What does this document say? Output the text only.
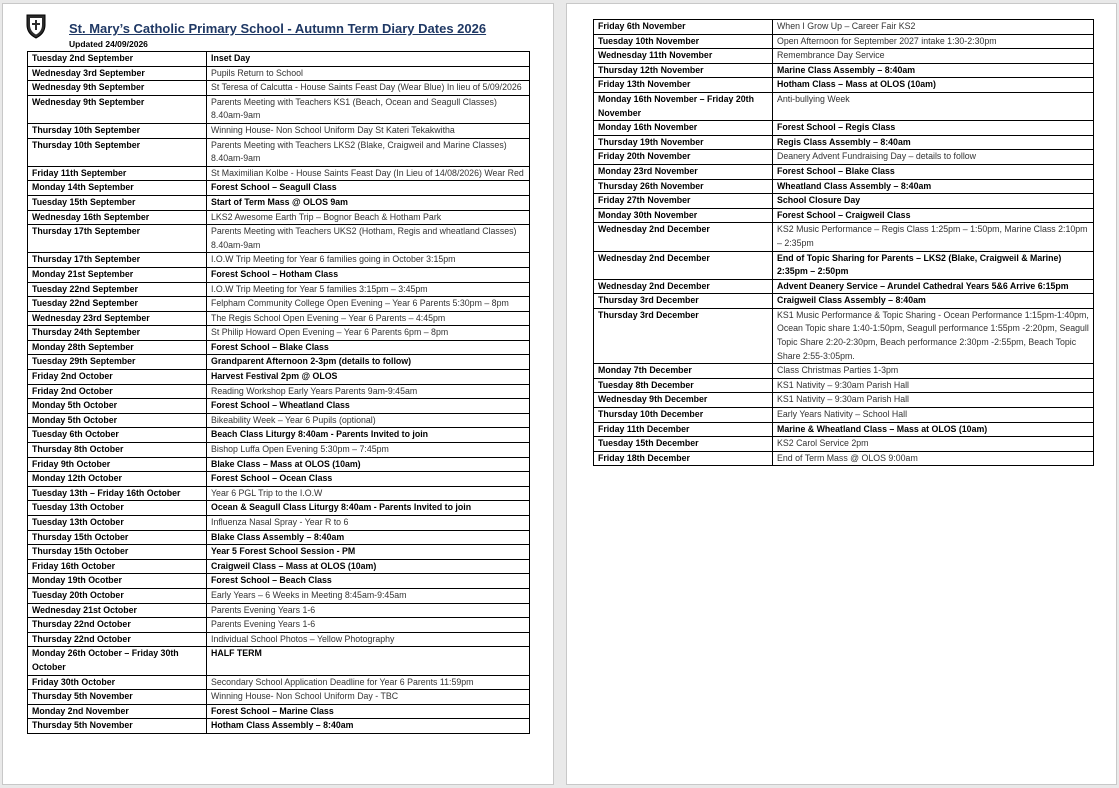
St. Mary’s Catholic Primary School - Autumn Term Diary Dates 2026
Updated 24/09/2026
Tuesday 2nd September	Inset Day
Wednesday 3rd September	Pupils Return to School
Wednesday 9th September	St Teresa of Calcutta - House Saints Feast Day (Wear Blue) In lieu of 5/09/2026
Wednesday 9th September	Parents Meeting with Teachers KS1 (Beach, Ocean and Seagull Classes) 8.40am-9am
Thursday 10th September	Winning House- Non School Uniform Day St Kateri Tekakwitha
Thursday 10th September	Parents Meeting with Teachers LKS2 (Blake, Craigweil and Marine Classes) 8.40am-9am
Friday 11th September	St Maximilian Kolbe - House Saints Feast Day (In Lieu of 14/08/2026) Wear Red
Monday 14th September	Forest School – Seagull Class
Tuesday 15th September	Start of Term Mass @ OLOS 9am
Wednesday 16th September	LKS2 Awesome Earth Trip – Bognor Beach & Hotham Park
Thursday 17th September	Parents Meeting with Teachers UKS2 (Hotham, Regis and wheatland Classes) 8.40am-9am
Thursday 17th September	I.O.W Trip Meeting for Year 6 families going in October 3:15pm
Monday 21st September	Forest School – Hotham Class
Tuesday 22nd September	I.O.W Trip Meeting for Year 5 families 3:15pm – 3:45pm
Tuesday 22nd September	Felpham Community College Open Evening – Year 6 Parents 5:30pm – 8pm
Wednesday 23rd September	The Regis School Open Evening – Year 6 Parents – 4:45pm
Thursday 24th September	St Philip Howard Open Evening – Year 6 Parents 6pm – 8pm
Monday 28th September	Forest School – Blake Class
Tuesday 29th September	Grandparent Afternoon 2-3pm (details to follow)
Friday 2nd October	Harvest Festival 2pm @ OLOS
Friday 2nd October	Reading Workshop Early Years Parents 9am-9:45am
Monday 5th October	Forest School – Wheatland Class
Monday 5th October	Bikeability Week – Year 6 Pupils (optional)
Tuesday 6th October	Beach Class Liturgy 8:40am - Parents Invited to join
Thursday 8th October	Bishop Luffa Open Evening 5:30pm – 7:45pm
Friday 9th October	Blake Class – Mass at OLOS (10am)
Monday 12th October	Forest School – Ocean Class
Tuesday 13th – Friday 16th October	Year 6 PGL Trip to the I.O.W
Tuesday 13th October	Ocean & Seagull Class Liturgy 8:40am - Parents Invited to join
Tuesday 13th October	Influenza Nasal Spray - Year R to 6
Thursday 15th October	Blake Class Assembly – 8:40am
Thursday 15th October	Year 5 Forest School Session - PM
Friday 16th October	Craigweil Class – Mass at OLOS (10am)
Monday 19th Ocotber	Forest School – Beach Class
Tuesday 20th October	Early Years – 6 Weeks in Meeting 8:45am-9:45am
Wednesday 21st October	Parents Evening Years 1-6
Thursday 22nd October	Parents Evening Years 1-6
Thursday 22nd October	Individual School Photos – Yellow Photography
Monday 26th October – Friday 30th October	HALF TERM
Friday 30th October	Secondary School Application Deadline for Year 6 Parents 11:59pm
Thursday 5th November	Winning House- Non School Uniform Day - TBC
Monday 2nd November	Forest School – Marine Class
Thursday 5th November	Hotham Class Assembly – 8:40am
Friday 6th November	When I Grow Up – Career Fair KS2
Tuesday 10th November	Open Afternoon for September 2027 intake 1:30-2:30pm
Wednesday 11th November	Remembrance Day Service
Thursday 12th November	Marine Class Assembly – 8:40am
Friday 13th November	Hotham Class – Mass at OLOS (10am)
Monday 16th November – Friday 20th November	Anti-bullying Week
Monday 16th November	Forest School – Regis Class
Thursday 19th November	Regis Class Assembly – 8:40am
Friday 20th November	Deanery Advent Fundraising Day – details to follow
Monday 23rd November	Forest School – Blake Class
Thursday 26th November	Wheatland Class Assembly – 8:40am
Friday 27th November	School Closure Day
Monday 30th November	Forest School – Craigweil Class
Wednesday 2nd December	KS2 Music Performance – Regis Class 1:25pm – 1:50pm, Marine Class 2:10pm – 2:35pm
Wednesday 2nd December	End of Topic Sharing for Parents – LKS2 (Blake, Craigweil & Marine) 2:35pm – 2:50pm
Wednesday 2nd December	Advent Deanery Service – Arundel Cathedral Years 5&6 Arrive 6:15pm
Thursday 3rd December	Craigweil Class Assembly – 8:40am
Thursday 3rd December	KS1 Music Performance & Topic Sharing - Ocean Performance 1:15pm-1:40pm, Ocean Topic share 1:40-1:50pm, Seagull performance 1:55pm -2:20pm, Seagull Topic Share 2:20-2:30pm, Beach performance 2:30pm -2:55pm, Beach Topic Share 2:55-3:05pm.
Monday 7th December	Class Christmas Parties 1-3pm
Tuesday 8th December	KS1 Nativity – 9:30am Parish Hall
Wednesday 9th December	KS1 Nativity – 9:30am Parish Hall
Thursday 10th December	Early Years Nativity – School Hall
Friday 11th December	Marine & Wheatland Class – Mass at OLOS (10am)
Tuesday 15th December	KS2 Carol Service 2pm
Friday 18th December	End of Term Mass @ OLOS 9:00am
